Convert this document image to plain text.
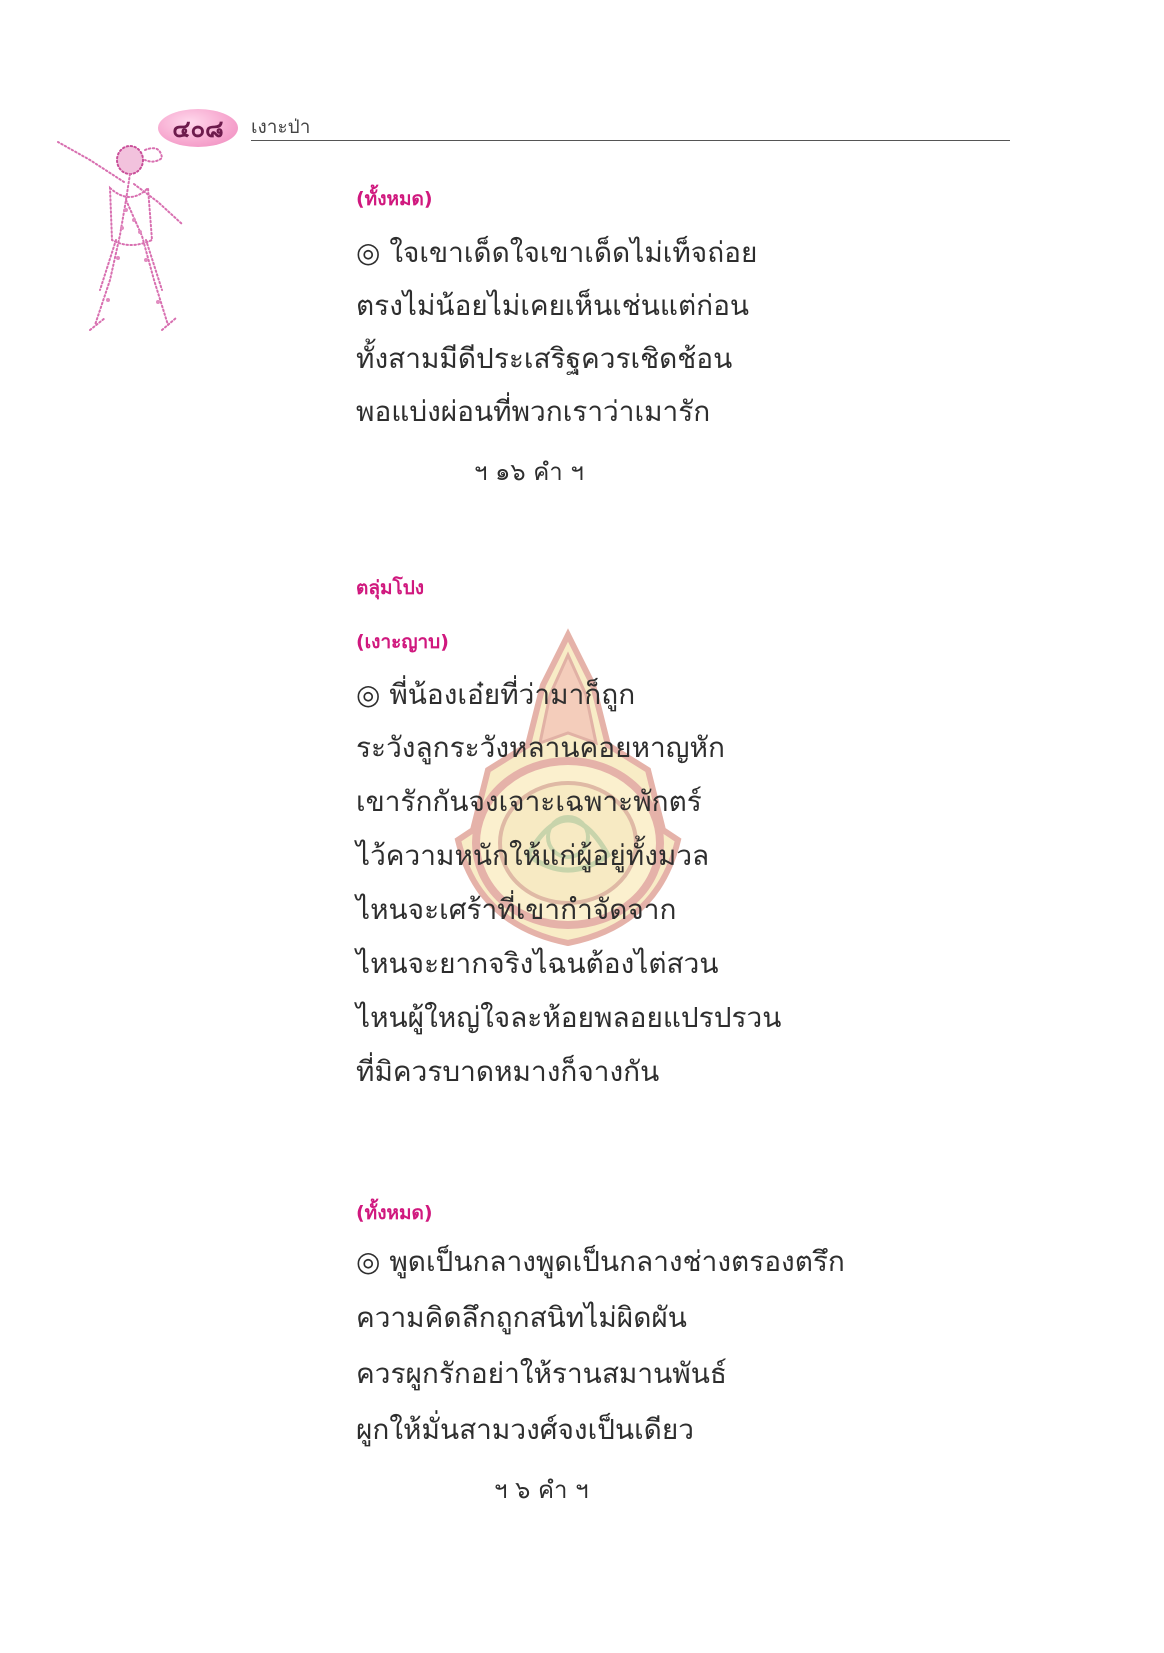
๔๐๘	เงาะป่า
(ทั้งหมด)
◎ ใจเขาเด็ดใจเขาเด็ดไม่เท็จถ่อย
ตรงไม่น้อยไม่เคยเห็นเช่นแต่ก่อน
ทั้งสามมีดีประเสริฐควรเชิดช้อน
พอแบ่งผ่อนที่พวกเราว่าเมารัก
ฯ ๑๖ คำ ฯ
ตลุ่มโปง
(เงาะญาบ)
◎ พี่น้องเอ๋ยที่ว่ามาก็ถูก
ระวังลูกระวังหลานคอยหาญหัก
เขารักกันจงเจาะเฉพาะพักตร์
ไว้ความหนักให้แก่ผู้อยู่ทั้งมวล
ไหนจะเศร้าที่เขากำจัดจาก
ไหนจะยากจริงไฉนต้องไต่สวน
ไหนผู้ใหญ่ใจละห้อยพลอยแปรปรวน
ที่มิควรบาดหมางก็จางกัน
(ทั้งหมด)
◎ พูดเป็นกลางพูดเป็นกลางช่างตรองตรึก
ความคิดลึกถูกสนิทไม่ผิดผัน
ควรผูกรักอย่าให้รานสมานพันธ์
ผูกให้มั่นสามวงศ์จงเป็นเดียว
ฯ ๖ คำ ฯ
